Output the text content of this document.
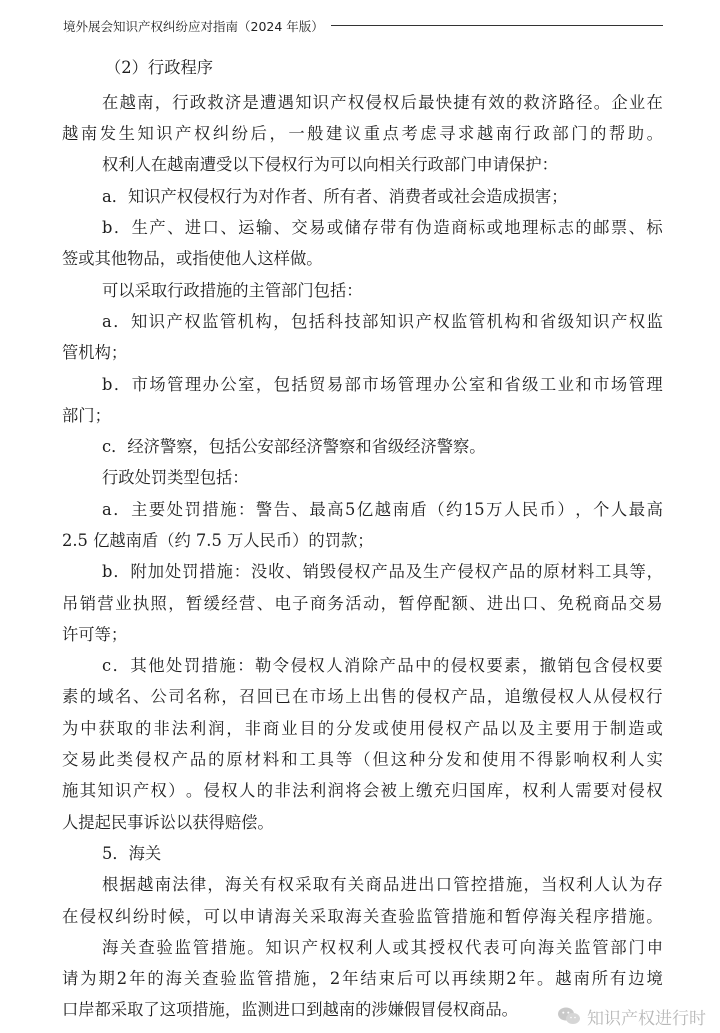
境外展会知识产权纠纷应对指南（2024 年版）
（2）行政程序
在 越 南 ， 行 政 救 济 是 遭 遇 知 识 产 权 侵 权 后 最 快 捷 有 效 的 救 济 路 径 。 企 业 在
越 南 发 生 知 识 产 权 纠 纷 后 ， 一 般 建 议 重 点 考 虑 寻 求 越 南 行 政 部 门 的 帮 助 。
权利人在越南遭受以下侵权行为可以向相关行政部门申请保护：
a．知识产权侵权行为对作者、所有者、消费者或社会造成损害；
b ． 生 产 、 进 口 、 运 输 、 交 易 或 储 存 带 有 伪 造 商 标 或 地 理 标 志 的 邮 票 、 标
签或其他物品，或指使他人这样做。
可以采取行政措施的主管部门包括：
a ． 知 识 产 权 监 管 机 构 ， 包 括 科 技 部 知 识 产 权 监 管 机 构 和 省 级 知 识 产 权 监
管机构；
b ． 市 场 管 理 办 公 室 ， 包 括 贸 易 部 市 场 管 理 办 公 室 和 省 级 工 业 和 市 场 管 理
部门；
c．经济警察，包括公安部经济警察和省级经济警察。
行政处罚类型包括：
a ． 主 要 处 罚 措 施 ： 警 告 、 最 高 5 亿 越 南 盾 （ 约 15 万 人 民 币 ） ， 个 人 最 高
2.5 亿越南盾（约 7.5 万人民币）的罚款；
b ． 附 加 处 罚 措 施 ： 没 收 、 销 毁 侵 权 产 品 及 生 产 侵 权 产 品 的 原 材 料 工 具 等 ，
吊 销 营 业 执 照 ， 暂 缓 经 营 、 电 子 商 务 活 动 ， 暂 停 配 额 、 进 出 口 、 免 税 商 品 交 易
许可等；
c ． 其 他 处 罚 措 施 ： 勒 令 侵 权 人 消 除 产 品 中 的 侵 权 要 素 ， 撤 销 包 含 侵 权 要
素 的 域 名 、 公 司 名 称 ， 召 回 已 在 市 场 上 出 售 的 侵 权 产 品 ， 追 缴 侵 权 人 从 侵 权 行
为 中 获 取 的 非 法 利 润 ， 非 商 业 目 的 分 发 或 使 用 侵 权 产 品 以 及 主 要 用 于 制 造 或
交 易 此 类 侵 权 产 品 的 原 材 料 和 工 具 等 （ 但 这 种 分 发 和 使 用 不 得 影 响 权 利 人 实
施 其 知 识 产 权 ） 。 侵 权 人 的 非 法 利 润 将 会 被 上 缴 充 归 国 库 ， 权 利 人 需 要 对 侵 权
人提起民事诉讼以获得赔偿。
5．海关
根 据 越 南 法 律 ， 海 关 有 权 采 取 有 关 商 品 进 出 口 管 控 措 施 ， 当 权 利 人 认 为 存
在 侵 权 纠 纷 时 候 ， 可 以 申 请 海 关 采 取 海 关 查 验 监 管 措 施 和 暂 停 海 关 程 序 措 施 。
海 关 查 验 监 管 措 施 。 知 识 产 权 权 利 人 或 其 授 权 代 表 可 向 海 关 监 管 部 门 申
请 为 期 2 年 的 海 关 查 验 监 管 措 施 ， 2 年 结 束 后 可 以 再 续 期 2 年 。 越 南 所 有 边 境
口岸都采取了这项措施，监测进口到越南的涉嫌假冒侵权商品。	知识产权进行时
